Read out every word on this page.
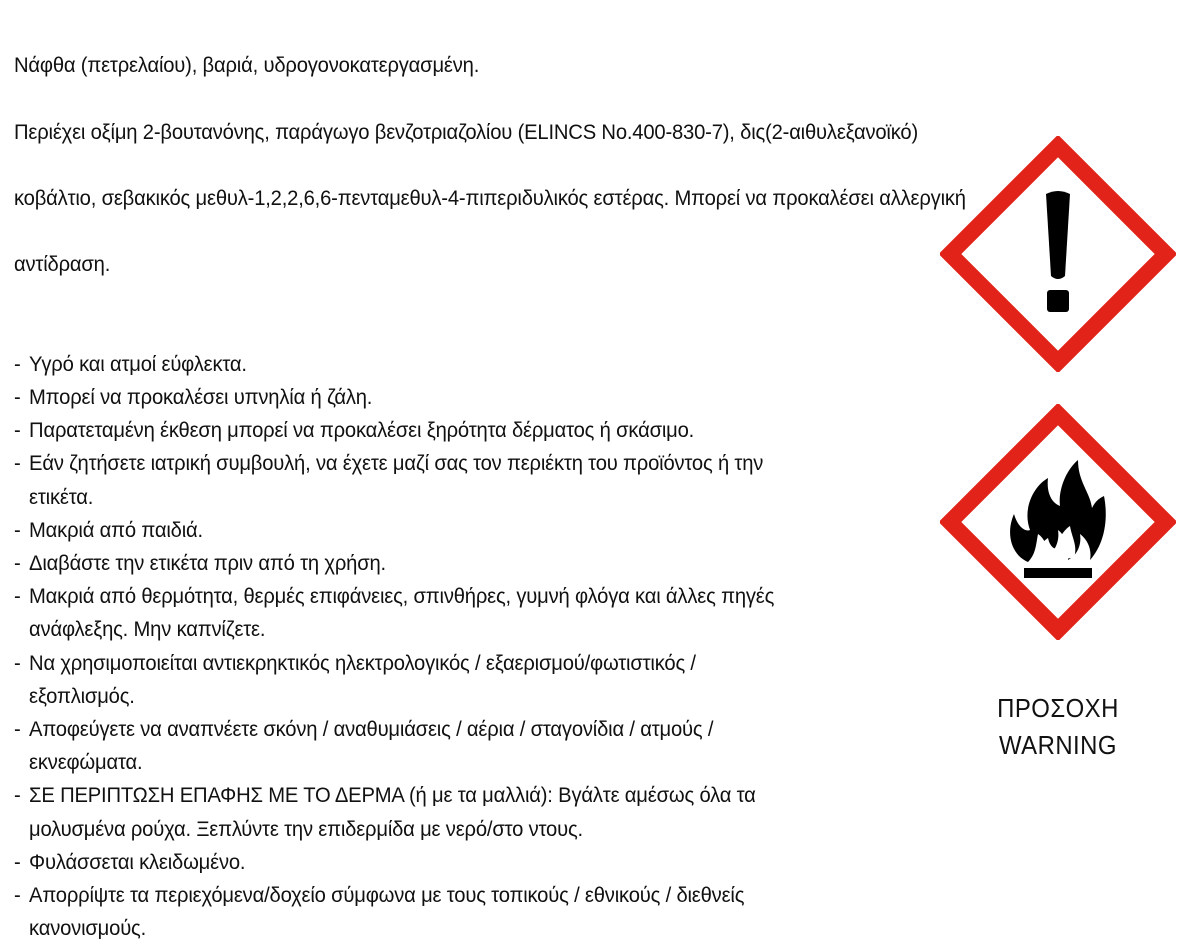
Νάφθα (πετρελαίου), βαριά, υδρογονοκατεργασμένη.

Περιέχει οξίμη 2-βουτανόνης, παράγωγο βενζοτριαζολίου (ELINCS No.400-830-7), δις(2-αιθυλεξανοϊκό)

κοβάλτιο, σεβακικός μεθυλ-1,2,2,6,6-πενταμεθυλ-4-πιπεριδυλικός εστέρας. Μπορεί να προκαλέσει αλλεργική

αντίδραση.

- Υγρό και ατμοί εύφλεκτα.
- Μπορεί να προκαλέσει υπνηλία ή ζάλη.
- Παρατεταμένη έκθεση μπορεί να προκαλέσει ξηρότητα δέρματος ή σκάσιμο.
- Εάν ζητήσετε ιατρική συμβουλή, να έχετε μαζί σας τον περιέκτη του προϊόντος ή την
ετικέτα.
- Μακριά από παιδιά.
- Διαβάστε την ετικέτα πριν από τη χρήση.
- Μακριά από θερμότητα, θερμές επιφάνειες, σπινθήρες, γυμνή φλόγα και άλλες πηγές
ανάφλεξης. Μην καπνίζετε.
- Να χρησιμοποιείται αντιεκρηκτικός ηλεκτρολογικός / εξαερισμού/φωτιστικός /
εξοπλισμός.
- Αποφεύγετε να αναπνέετε σκόνη / αναθυμιάσεις / αέρια / σταγονίδια / ατμούς /
εκνεφώματα.
- ΣΕ ΠΕΡΙΠΤΩΣΗ ΕΠΑΦΗΣ ΜΕ ΤΟ ΔΕΡΜΑ (ή με τα μαλλιά): Βγάλτε αμέσως όλα τα
μολυσμένα ρούχα. Ξεπλύντε την επιδερμίδα με νερό/στο ντους.
- Φυλάσσεται κλειδωμένο.
- Απορρίψτε τα περιεχόμενα/δοχείο σύμφωνα με τους τοπικούς / εθνικούς / διεθνείς
κανονισμούς.
ΠΡΟΣΟΧΗ
WARNING
